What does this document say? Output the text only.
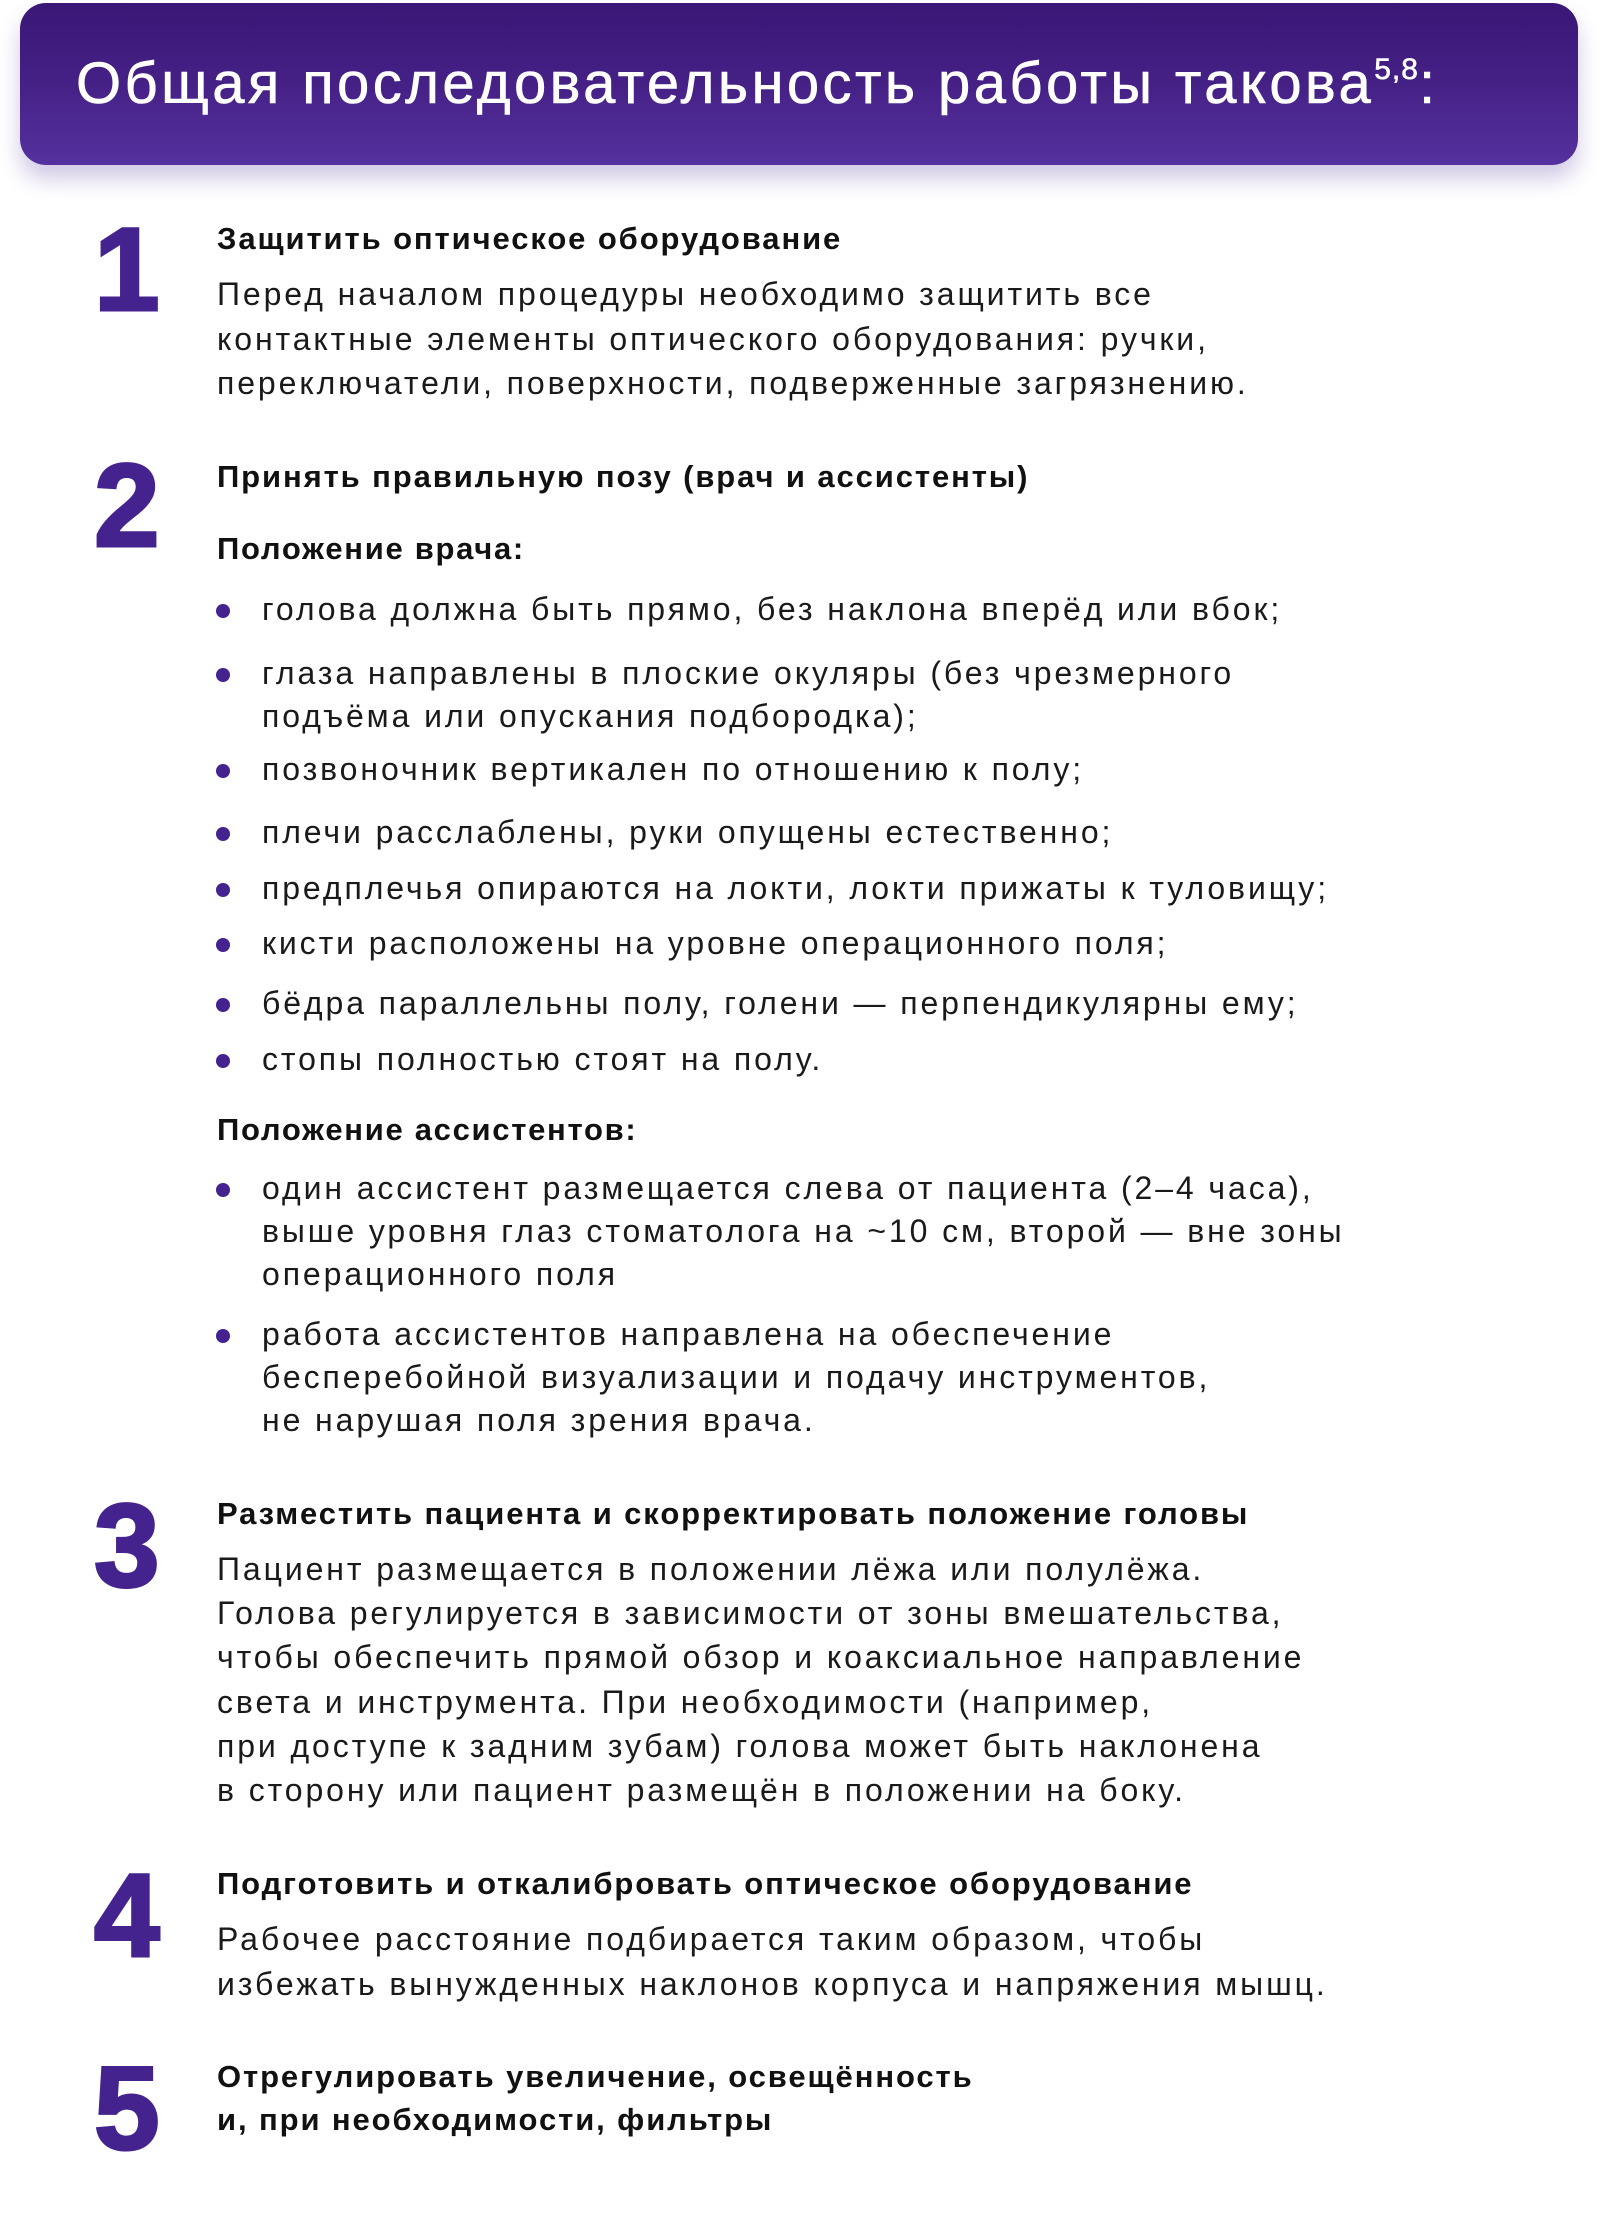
Общая последовательность работы такова$^{5,8}$:
1 Защитить оптическое оборудование
Перед началом процедуры необходимо защитить все
контактные элементы оптического оборудования: ручки,
переключатели, поверхности, подверженные загрязнению.
2 Принять правильную позу (врач и ассистенты)
Положение врача:
голова должна быть прямо, без наклона вперёд или вбок;
глаза направлены в плоские окуляры (без чрезмерного
подъёма или опускания подбородка);
позвоночник вертикален по отношению к полу;
плечи расслаблены, руки опущены естественно;
предплечья опираются на локти, локти прижаты к туловищу;
кисти расположены на уровне операционного поля;
бёдра параллельны полу, голени — перпендикулярны ему;
стопы полностью стоят на полу.
Положение ассистентов:
один ассистент размещается слева от пациента (2–4 часа),
выше уровня глаз стоматолога на ~10 см, второй — вне зоны
операционного поля
работа ассистентов направлена на обеспечение
бесперебойной визуализации и подачу инструментов,
не нарушая поля зрения врача.
3 Разместить пациента и скорректировать положение головы
Пациент размещается в положении лёжа или полулёжа.
Голова регулируется в зависимости от зоны вмешательства,
чтобы обеспечить прямой обзор и коаксиальное направление
света и инструмента. При необходимости (например,
при доступе к задним зубам) голова может быть наклонена
в сторону или пациент размещён в положении на боку.
4 Подготовить и откалибровать оптическое оборудование
Рабочее расстояние подбирается таким образом, чтобы
избежать вынужденных наклонов корпуса и напряжения мышц.
5 Отрегулировать увеличение, освещённость
и, при необходимости, фильтры
